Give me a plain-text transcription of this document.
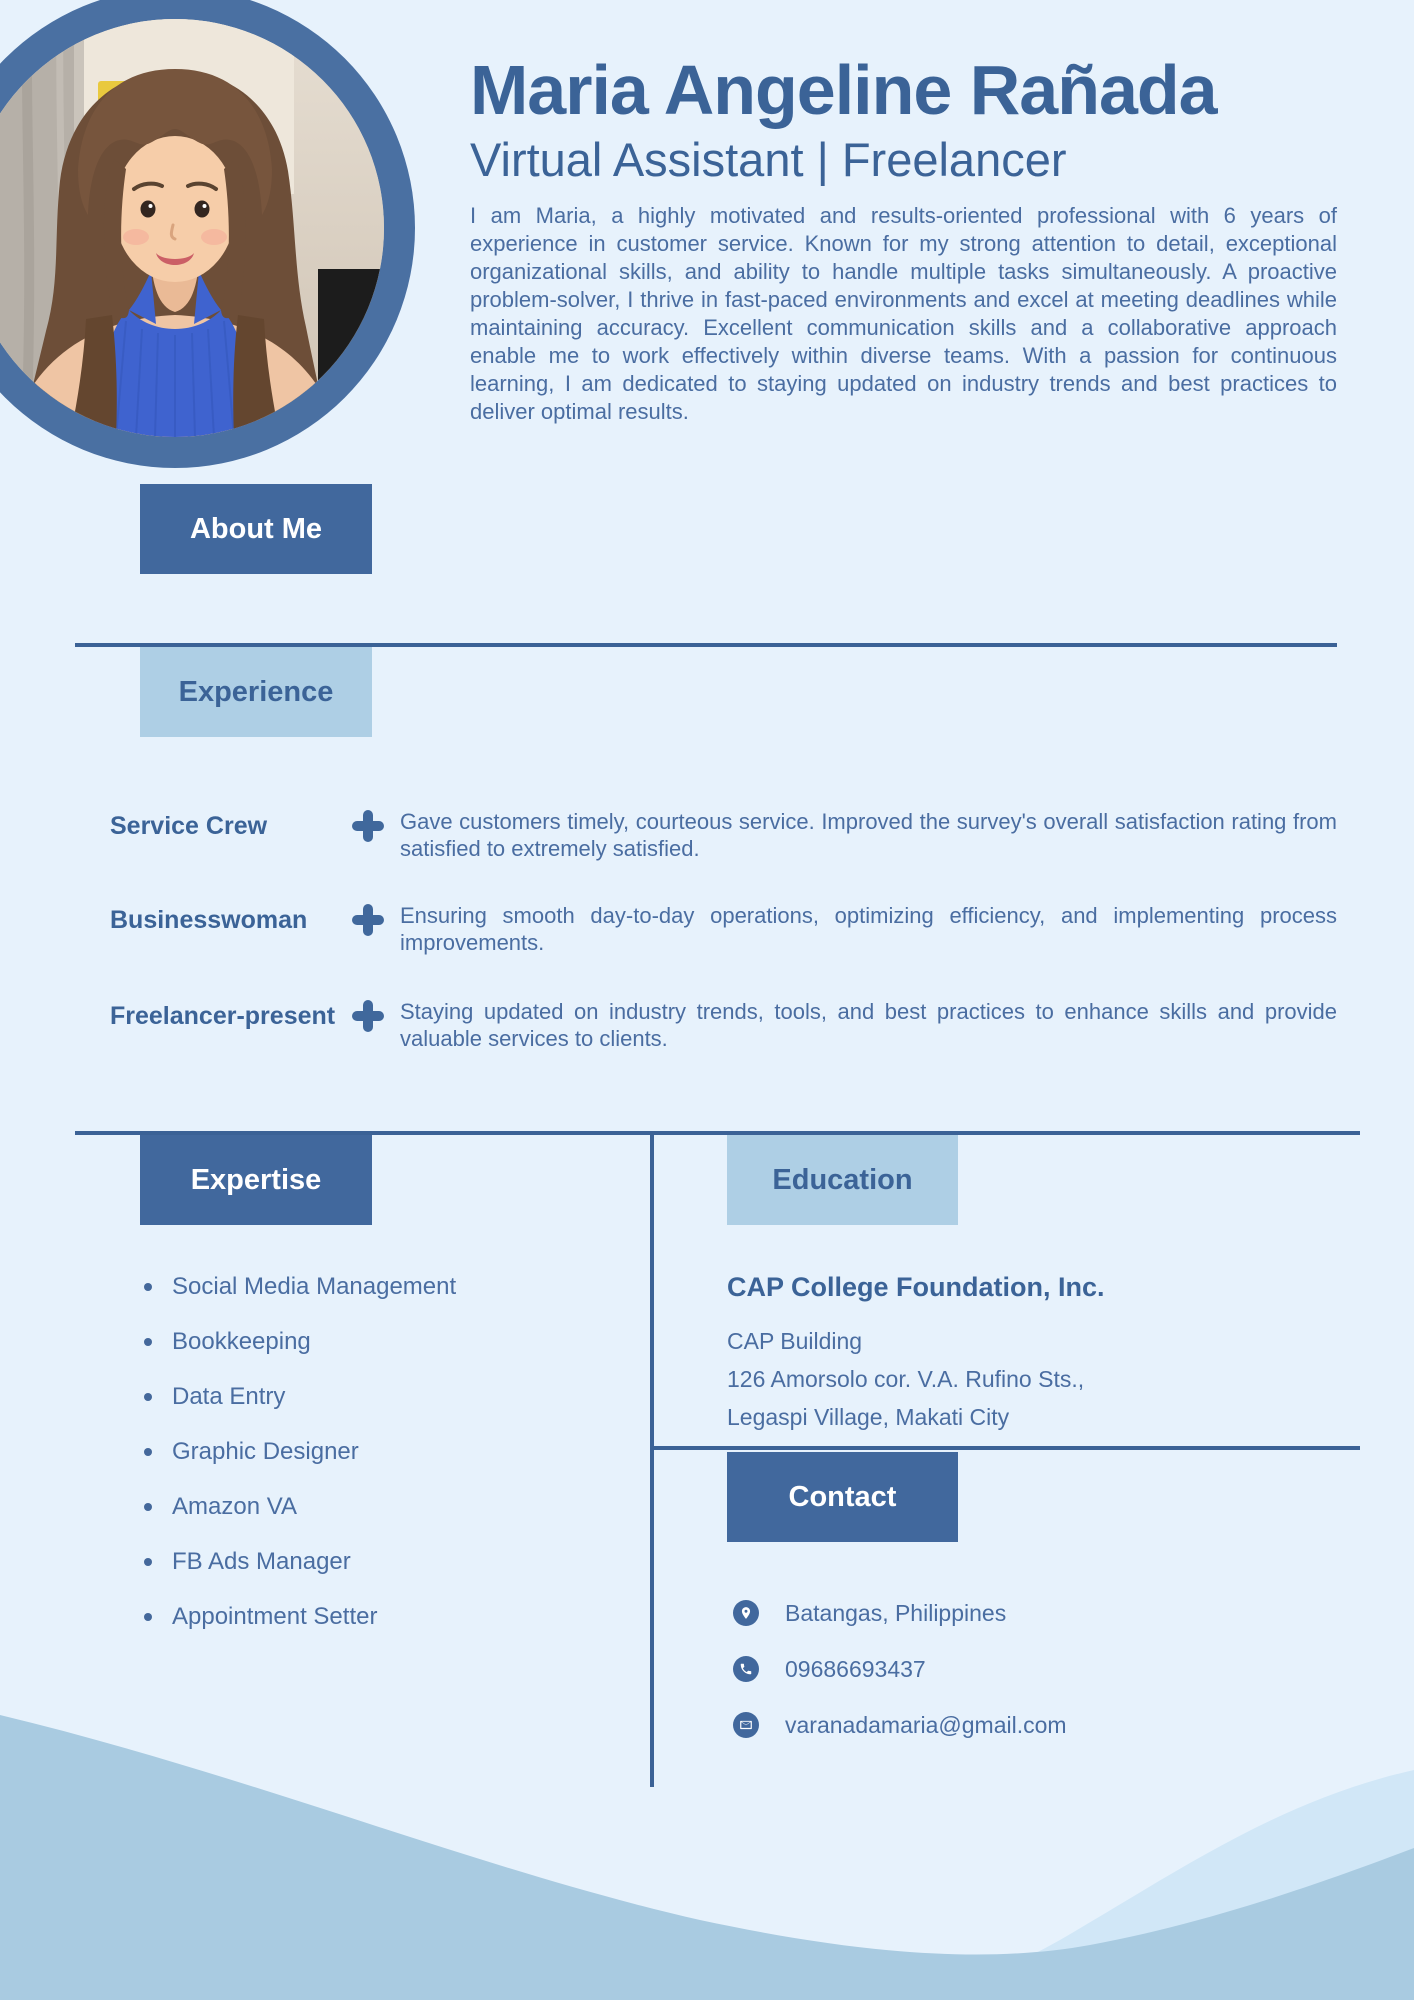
Maria Angeline Rañada
Virtual Assistant | Freelancer
I am Maria, a highly motivated and results-oriented professional with 6 years of experience in customer service. Known for my strong attention to detail, exceptional organizational skills, and ability to handle multiple tasks simultaneously. A proactive problem-solver, I thrive in fast-paced environments and excel at meeting deadlines while maintaining accuracy. Excellent communication skills and a collaborative approach enable me to work effectively within diverse teams. With a passion for continuous learning, I am dedicated to staying updated on industry trends and best practices to deliver optimal results.
About Me
Experience
Service Crew	Gave customers timely, courteous service. Improved the survey's overall satisfaction rating from satisfied to extremely satisfied.
Businesswoman	Ensuring smooth day-to-day operations, optimizing efficiency, and implementing process improvements.
Freelancer-present	Staying updated on industry trends, tools, and best practices to enhance skills and provide valuable services to clients.
Expertise
Social Media Management
Bookkeeping
Data Entry
Graphic Designer
Amazon VA
FB Ads Manager
Appointment Setter
Education
CAP College Foundation, Inc.
CAP Building
126 Amorsolo cor. V.A. Rufino Sts.,
Legaspi Village, Makati City
Contact
Batangas, Philippines
09686693437
varanadamaria@gmail.com
